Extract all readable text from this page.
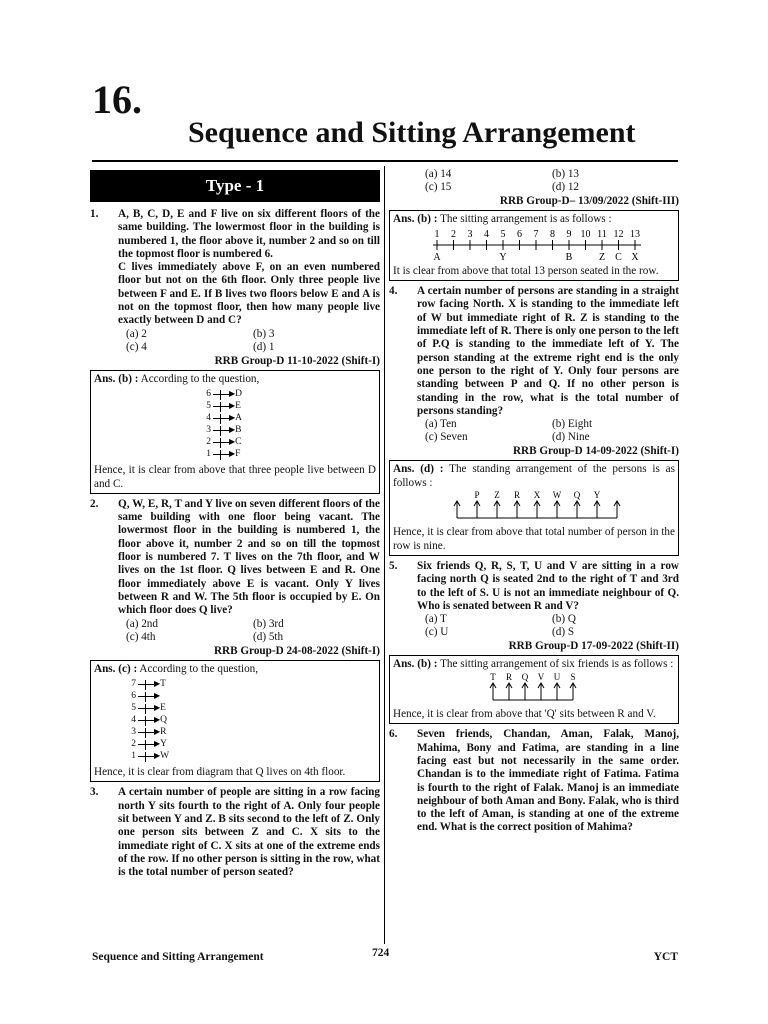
16.
Sequence and Sitting Arrangement
Type - 1
1.	A, B, C, D, E and F live on six different floors of the same building. The lowermost floor in the building is numbered 1, the floor above it, number 2 and so on till the topmost floor is numbered 6.
C lives immediately above F, on an even numbered floor but not on the 6th floor. Only three people live between F and E. If B lives two floors below E and A is not on the topmost floor, then how many people live exactly between D and C?
(a) 2	(b) 3
(c) 4	(d) 1
RRB Group-D 11-10-2022 (Shift-I)

Ans. (b) : According to the question,

6 ▶ D
5 ▶ E
4 ▶ A
3 ▶ B
2 ▶ C
1 ▶ F

Hence, it is clear from above that three people live between D and C.

2.	Q, W, E, R, T and Y live on seven different floors of the same building with one floor being vacant. The lowermost floor in the building is numbered 1, the floor above it, number 2 and so on till the topmost floor is numbered 7. T lives on the 7th floor, and W lives on the 1st floor. Q lives between E and R. One floor immediately above E is vacant. Only Y lives between R and W. The 5th floor is occupied by E. On which floor does Q live?
(a) 2nd	(b) 3rd
(c) 4th	(d) 5th
RRB Group-D 24-08-2022 (Shift-I)

Ans. (c) : According to the question,

7 ▶ T
6 ▶
5 ▶ E
4 ▶ Q
3 ▶ R
2 ▶ Y
1 ▶ W

Hence, it is clear from diagram that Q lives on 4th floor.

3.	A certain number of people are sitting in a row facing north Y sits fourth to the right of A. Only four people sit between Y and Z. B sits second to the left of Z. Only one person sits between Z and C. X sits to the immediate right of C. X sits at one of the extreme ends of the row. If no other person is sitting in the row, what is the total number of person seated?
(a) 14	(b) 13
(c) 15	(d) 12
RRB Group-D– 13/09/2022 (Shift-III)

Ans. (b) : The sitting arrangement is as follows :

1
A
2 3 4 5
Y
6 7 8 9
B
10 11
Z
12
C
13
X

It is clear from above that total 13 person seated in the row.

4.	A certain number of persons are standing in a straight row facing North. X is standing to the immediate left of W but immediate right of R. Z is standing to the immediate left of R. There is only one person to the left of P.Q is standing to the immediate left of Y. The person standing at the extreme right end is the only one person to the right of Y. Only four persons are standing between P and Q. If no other person is standing in the row, what is the total number of persons standing?
(a) Ten	(b) Eight
(c) Seven	(d) Nine
RRB Group-D 14-09-2022 (Shift-I)

Ans. (d) : The standing arrangement of the persons is as follows :

P Z R X W Q Y

Hence, it is clear from above that total number of person in the row is nine.

5.	Six friends Q, R, S, T, U and V are sitting in a row facing north Q is seated 2nd to the right of T and 3rd to the left of S. U is not an immediate neighbour of Q. Who is senated between R and V?
(a) T	(b) Q
(c) U	(d) S
RRB Group-D 17-09-2022 (Shift-II)

Ans. (b) : The sitting arrangement of six friends is as follows :

T R Q V U S

Hence, it is clear from above that 'Q' sits between R and V.

6.	Seven friends, Chandan, Aman, Falak, Manoj, Mahima, Bony and Fatima, are standing in a line facing east but not necessarily in the same order. Chandan is to the immediate right of Fatima. Fatima is fourth to the right of Falak. Manoj is an immediate neighbour of both Aman and Bony. Falak, who is third to the left of Aman, is standing at one of the extreme end. What is the correct position of Mahima?
Sequence and Sitting Arrangement	724	YCT
